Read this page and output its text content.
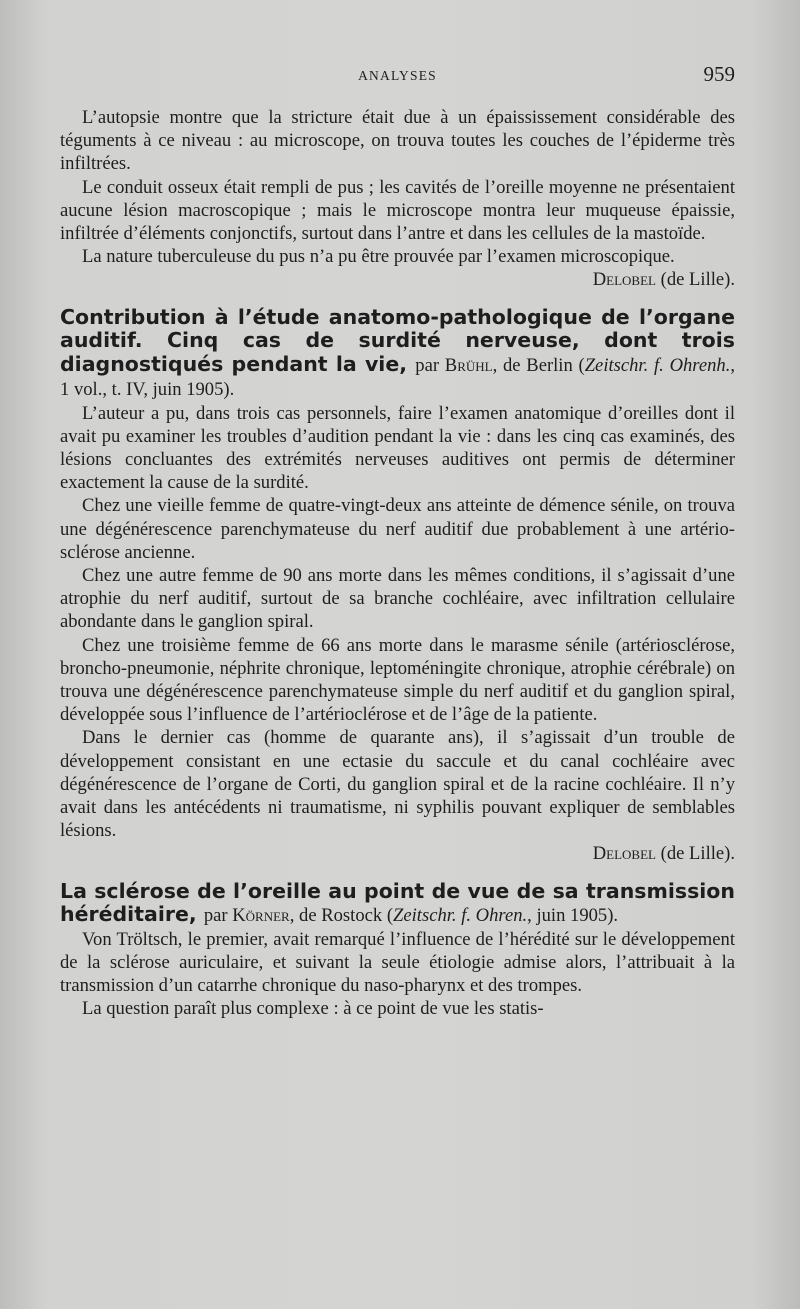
ANALYSES	959

L’autopsie montre que la stricture était due à un épaississement considérable des téguments à ce niveau : au microscope, on trouva toutes les couches de l’épiderme très infiltrées.

Le conduit osseux était rempli de pus ; les cavités de l’oreille moyenne ne présentaient aucune lésion macroscopique ; mais le microscope montra leur muqueuse épaissie, infiltrée d’éléments conjonctifs, surtout dans l’antre et dans les cellules de la mastoïde.

La nature tuberculeuse du pus n’a pu être prouvée par l’examen microscopique.

Delobel (de Lille).

Contribution à l’étude anatomo-pathologique de l’organe auditif. Cinq cas de surdité nerveuse, dont trois diagnostiqués pendant la vie, par Brühl, de Berlin (Zeitschr. f. Ohrenh., 1 vol., t. IV, juin 1905).

L’auteur a pu, dans trois cas personnels, faire l’examen anatomique d’oreilles dont il avait pu examiner les troubles d’audition pendant la vie : dans les cinq cas examinés, des lésions concluantes des extrémités nerveuses auditives ont permis de déterminer exactement la cause de la surdité.

Chez une vieille femme de quatre-vingt-deux ans atteinte de démence sénile, on trouva une dégénérescence parenchymateuse du nerf auditif due probablement à une artério-sclérose ancienne.

Chez une autre femme de 90 ans morte dans les mêmes conditions, il s’agissait d’une atrophie du nerf auditif, surtout de sa branche cochléaire, avec infiltration cellulaire abondante dans le ganglion spiral.

Chez une troisième femme de 66 ans morte dans le marasme sénile (artériosclérose, broncho-pneumonie, néphrite chronique, leptoméningite chronique, atrophie cérébrale) on trouva une dégénérescence parenchymateuse simple du nerf auditif et du ganglion spiral, développée sous l’influence de l’artérioclérose et de l’âge de la patiente.

Dans le dernier cas (homme de quarante ans), il s’agissait d’un trouble de développement consistant en une ectasie du saccule et du canal cochléaire avec dégénérescence de l’organe de Corti, du ganglion spiral et de la racine cochléaire. Il n’y avait dans les antécédents ni traumatisme, ni syphilis pouvant expliquer de semblables lésions.

Delobel (de Lille).

La sclérose de l’oreille au point de vue de sa transmission héréditaire, par Körner, de Rostock (Zeitschr. f. Ohren., juin 1905).

Von Tröltsch, le premier, avait remarqué l’influence de l’hérédité sur le développement de la sclérose auriculaire, et suivant la seule étiologie admise alors, l’attribuait à la transmission d’un catarrhe chronique du naso-pharynx et des trompes.

La question paraît plus complexe : à ce point de vue les statis-
